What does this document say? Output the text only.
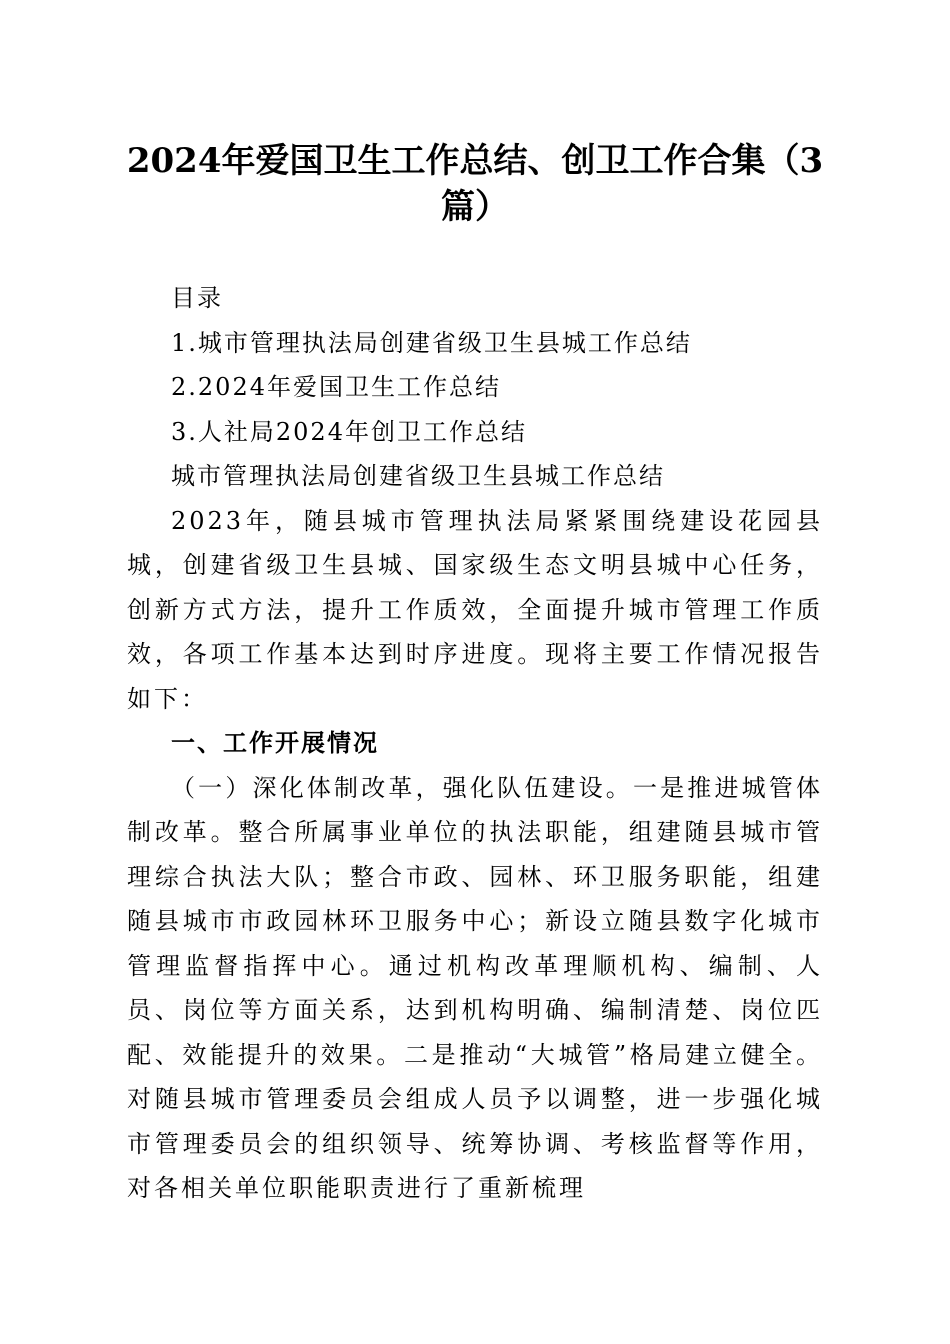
2024年爱国卫生工作总结、创卫工作合集（3篇）

目录

1.城市管理执法局创建省级卫生县城工作总结

2.2024年爱国卫生工作总结

3.人社局2024年创卫工作总结

城市管理执法局创建省级卫生县城工作总结

2023年，随县城市管理执法局紧紧围绕建设花园县城，创建省级卫生县城、国家级生态文明县城中心任务，创新方式方法，提升工作质效，全面提升城市管理工作质效，各项工作基本达到时序进度。现将主要工作情况报告如下：

一、工作开展情况

（一）深化体制改革，强化队伍建设。一是推进城管体制改革。整合所属事业单位的执法职能，组建随县城市管理综合执法大队；整合市政、园林、环卫服务职能，组建随县城市市政园林环卫服务中心；新设立随县数字化城市管理监督指挥中心。通过机构改革理顺机构、编制、人员、岗位等方面关系，达到机构明确、编制清楚、岗位匹配、效能提升的效果。二是推动“大城管”格局建立健全。对随县城市管理委员会组成人员予以调整，进一步强化城市管理委员会的组织领导、统筹协调、考核监督等作用，对各相关单位职能职责进行了重新梳理
